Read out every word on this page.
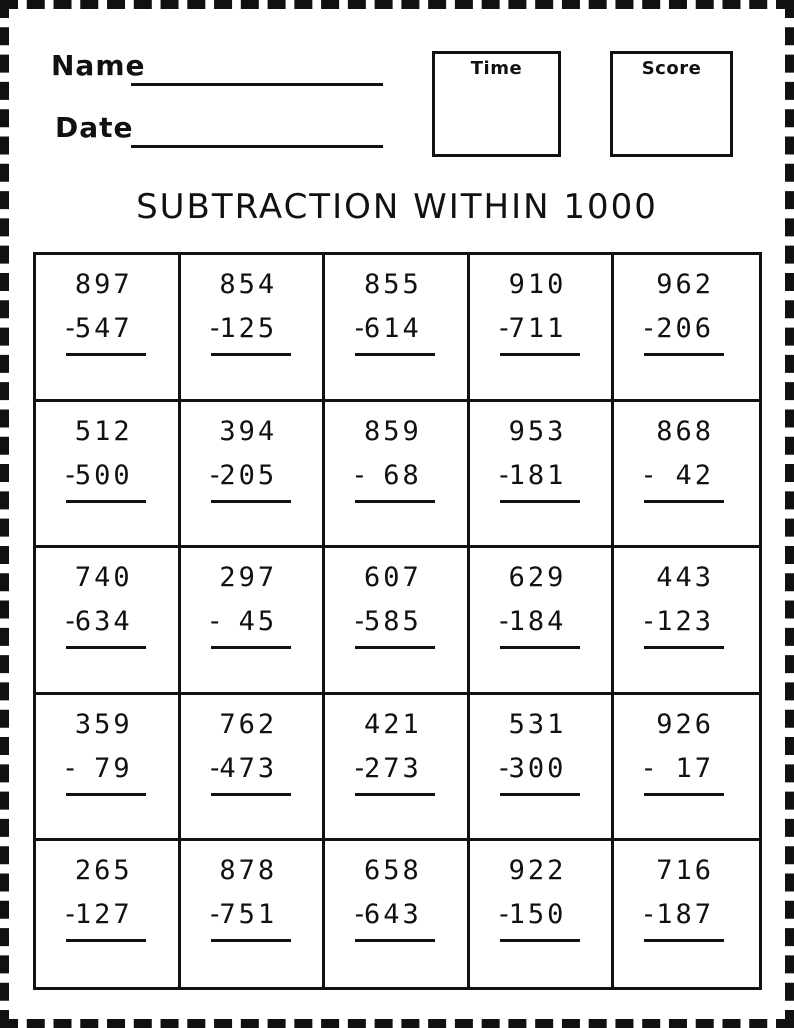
Name
Date
Time	Score
SUBTRACTION WITHIN 1000
897
-
547
854
-
125
855
-
614
910
-
711
962
- 206
512
-
500
394
-
205
859
- 68
953
-
181
868
- 42
740
-
634
297
- 45
607
-
585
629
-
184
443
- 123
359
- 79
762
-
473
421
-
273
531
-
300
926
- 17
265
-
127
878
-
751
658
-
643
922
-
150
716
- 187
